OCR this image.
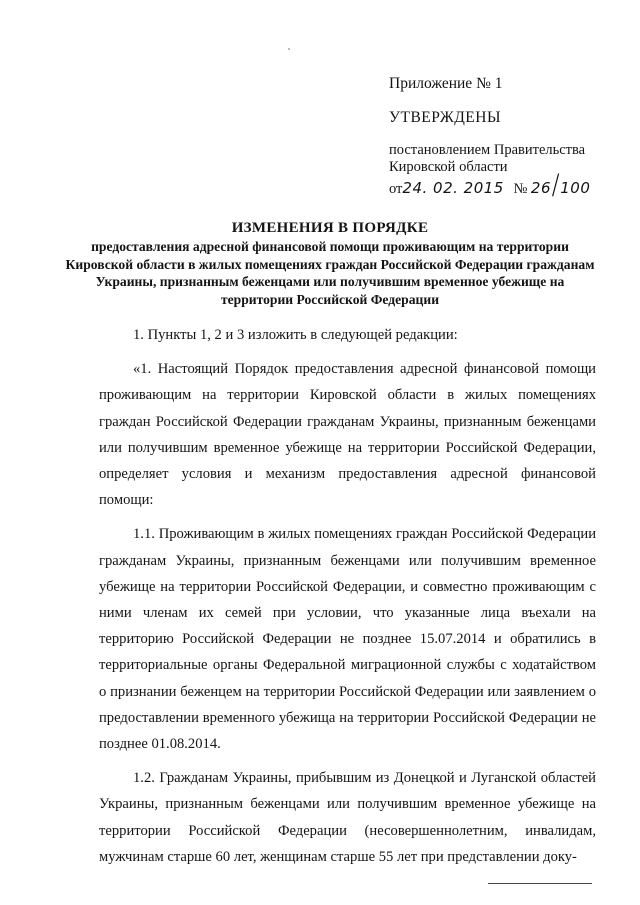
Приложение № 1
УТВЕРЖДЕНЫ
постановлением Правительства
Кировской области
от24. 02. 2015 № 26/100
ИЗМЕНЕНИЯ В ПОРЯДКЕ
предоставления адресной финансовой помощи проживающим на территории Кировской области в жилых помещениях граждан Российской Федерации гражданам Украины, признанным беженцами или получившим временное убежище на территории Российской Федерации

1. Пункты 1, 2 и 3 изложить в следующей редакции:

«1. Настоящий Порядок предоставления адресной финансовой помощи проживающим на территории Кировской области в жилых помещениях граждан Российской Федерации гражданам Украины, признанным беженцами или получившим временное убежище на территории Российской Федерации, определяет условия и механизм предоставления адресной финансовой помощи:

1.1. Проживающим в жилых помещениях граждан Российской Федерации гражданам Украины, признанным беженцами или получившим временное убежище на территории Российской Федерации, и совместно проживающим с ними членам их семей при условии, что указанные лица въехали на территорию Российской Федерации не позднее 15.07.2014 и обратились в территориальные органы Федеральной миграционной службы с ходатайством о признании беженцем на территории Российской Федерации или заявлением о предоставлении временного убежища на территории Российской Федерации не позднее 01.08.2014.

1.2. Гражданам Украины, прибывшим из Донецкой и Луганской областей Украины, признанным беженцами или получившим временное убежище на территории Российской Федерации (несовершеннолетним, инвалидам, мужчинам старше 60 лет, женщинам старше 55 лет при представлении доку-
